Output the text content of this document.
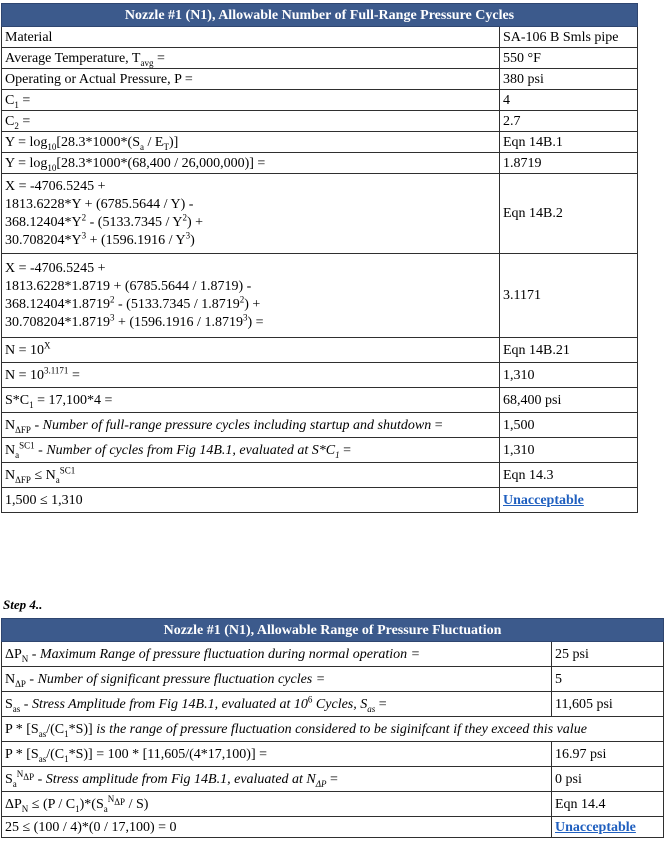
Nozzle #1 (N1), Allowable Number of Full-Range Pressure Cycles	
Material	SA-106 B Smls pipe
Average Temperature, $T_{avg}$ =	550 °F
Operating or Actual Pressure, P =	380 psi
$C_1$ =	4
$C_2$ =	2.7
$Y = \log_{10}[28.3*1000*(S_a / E_T)]$	Eqn 14B.1
$Y = \log_{10}[28.3*1000*(68,400 / 26,000,000)]$ =	1.8719
X = -4706.5245 +
1813.6228*Y + (6785.5644 / Y) -
$368.12404*Y^2 - (5133.7345 / Y^2)$ +
$30.708204*Y^3 + (1596.1916 / Y^3)$	Eqn 14B.2
X = -4706.5245 +
1813.6228*1.8719 + (6785.5644 / 1.8719) -
$368.12404*1.8719^2 - (5133.7345 / 1.8719^2)$ +
$30.708204*1.8719^3 + (1596.1916 / 1.8719^3)$ =	3.1171
$N = 10^X$	Eqn 14B.21
$N = 10^{3.1171}$ =	1,310
$S*C_1 = 17,100*4$ =	68,400 psi
$N_{\Delta FP}$ - Number of full-range pressure cycles including startup and shutdown =	1,500
$N_a^{SC1}$ - Number of cycles from Fig 14B.1, evaluated at $S*C_1$ =	1,310
$N_{\Delta FP} \le N_a^{SC1}$	Eqn 14.3
1,500 ≤ 1,310	Unacceptable
Step 4..
Nozzle #1 (N1), Allowable Range of Pressure Fluctuation	
$\Delta P_N$ - Maximum Range of pressure fluctuation during normal operation =	25 psi
$N_{\Delta P}$ - Number of significant pressure fluctuation cycles =	5
$S_{as}$ - Stress Amplitude from Fig 14B.1, evaluated at $10^6$ Cycles, $S_{as}$ =	11,605 psi
P * $[S_{as}/(C_1*S)]$ is the range of pressure fluctuation considered to be siginifcant if they exceed this value	
$P * [S_{as}/(C_1*S)] = 100 * [11,605/(4*17,100)]$ =	16.97 psi
$S_a^{N_{\Delta P}}$ - Stress amplitude from Fig 14B.1, evaluated at $N_{\Delta P}$ =	0 psi
$\Delta P_N \le (P / C_1)*(S_a^{N_{\Delta P}} / S)$	Eqn 14.4
25 ≤ (100 / 4)*(0 / 17,100) = 0	Unacceptable
